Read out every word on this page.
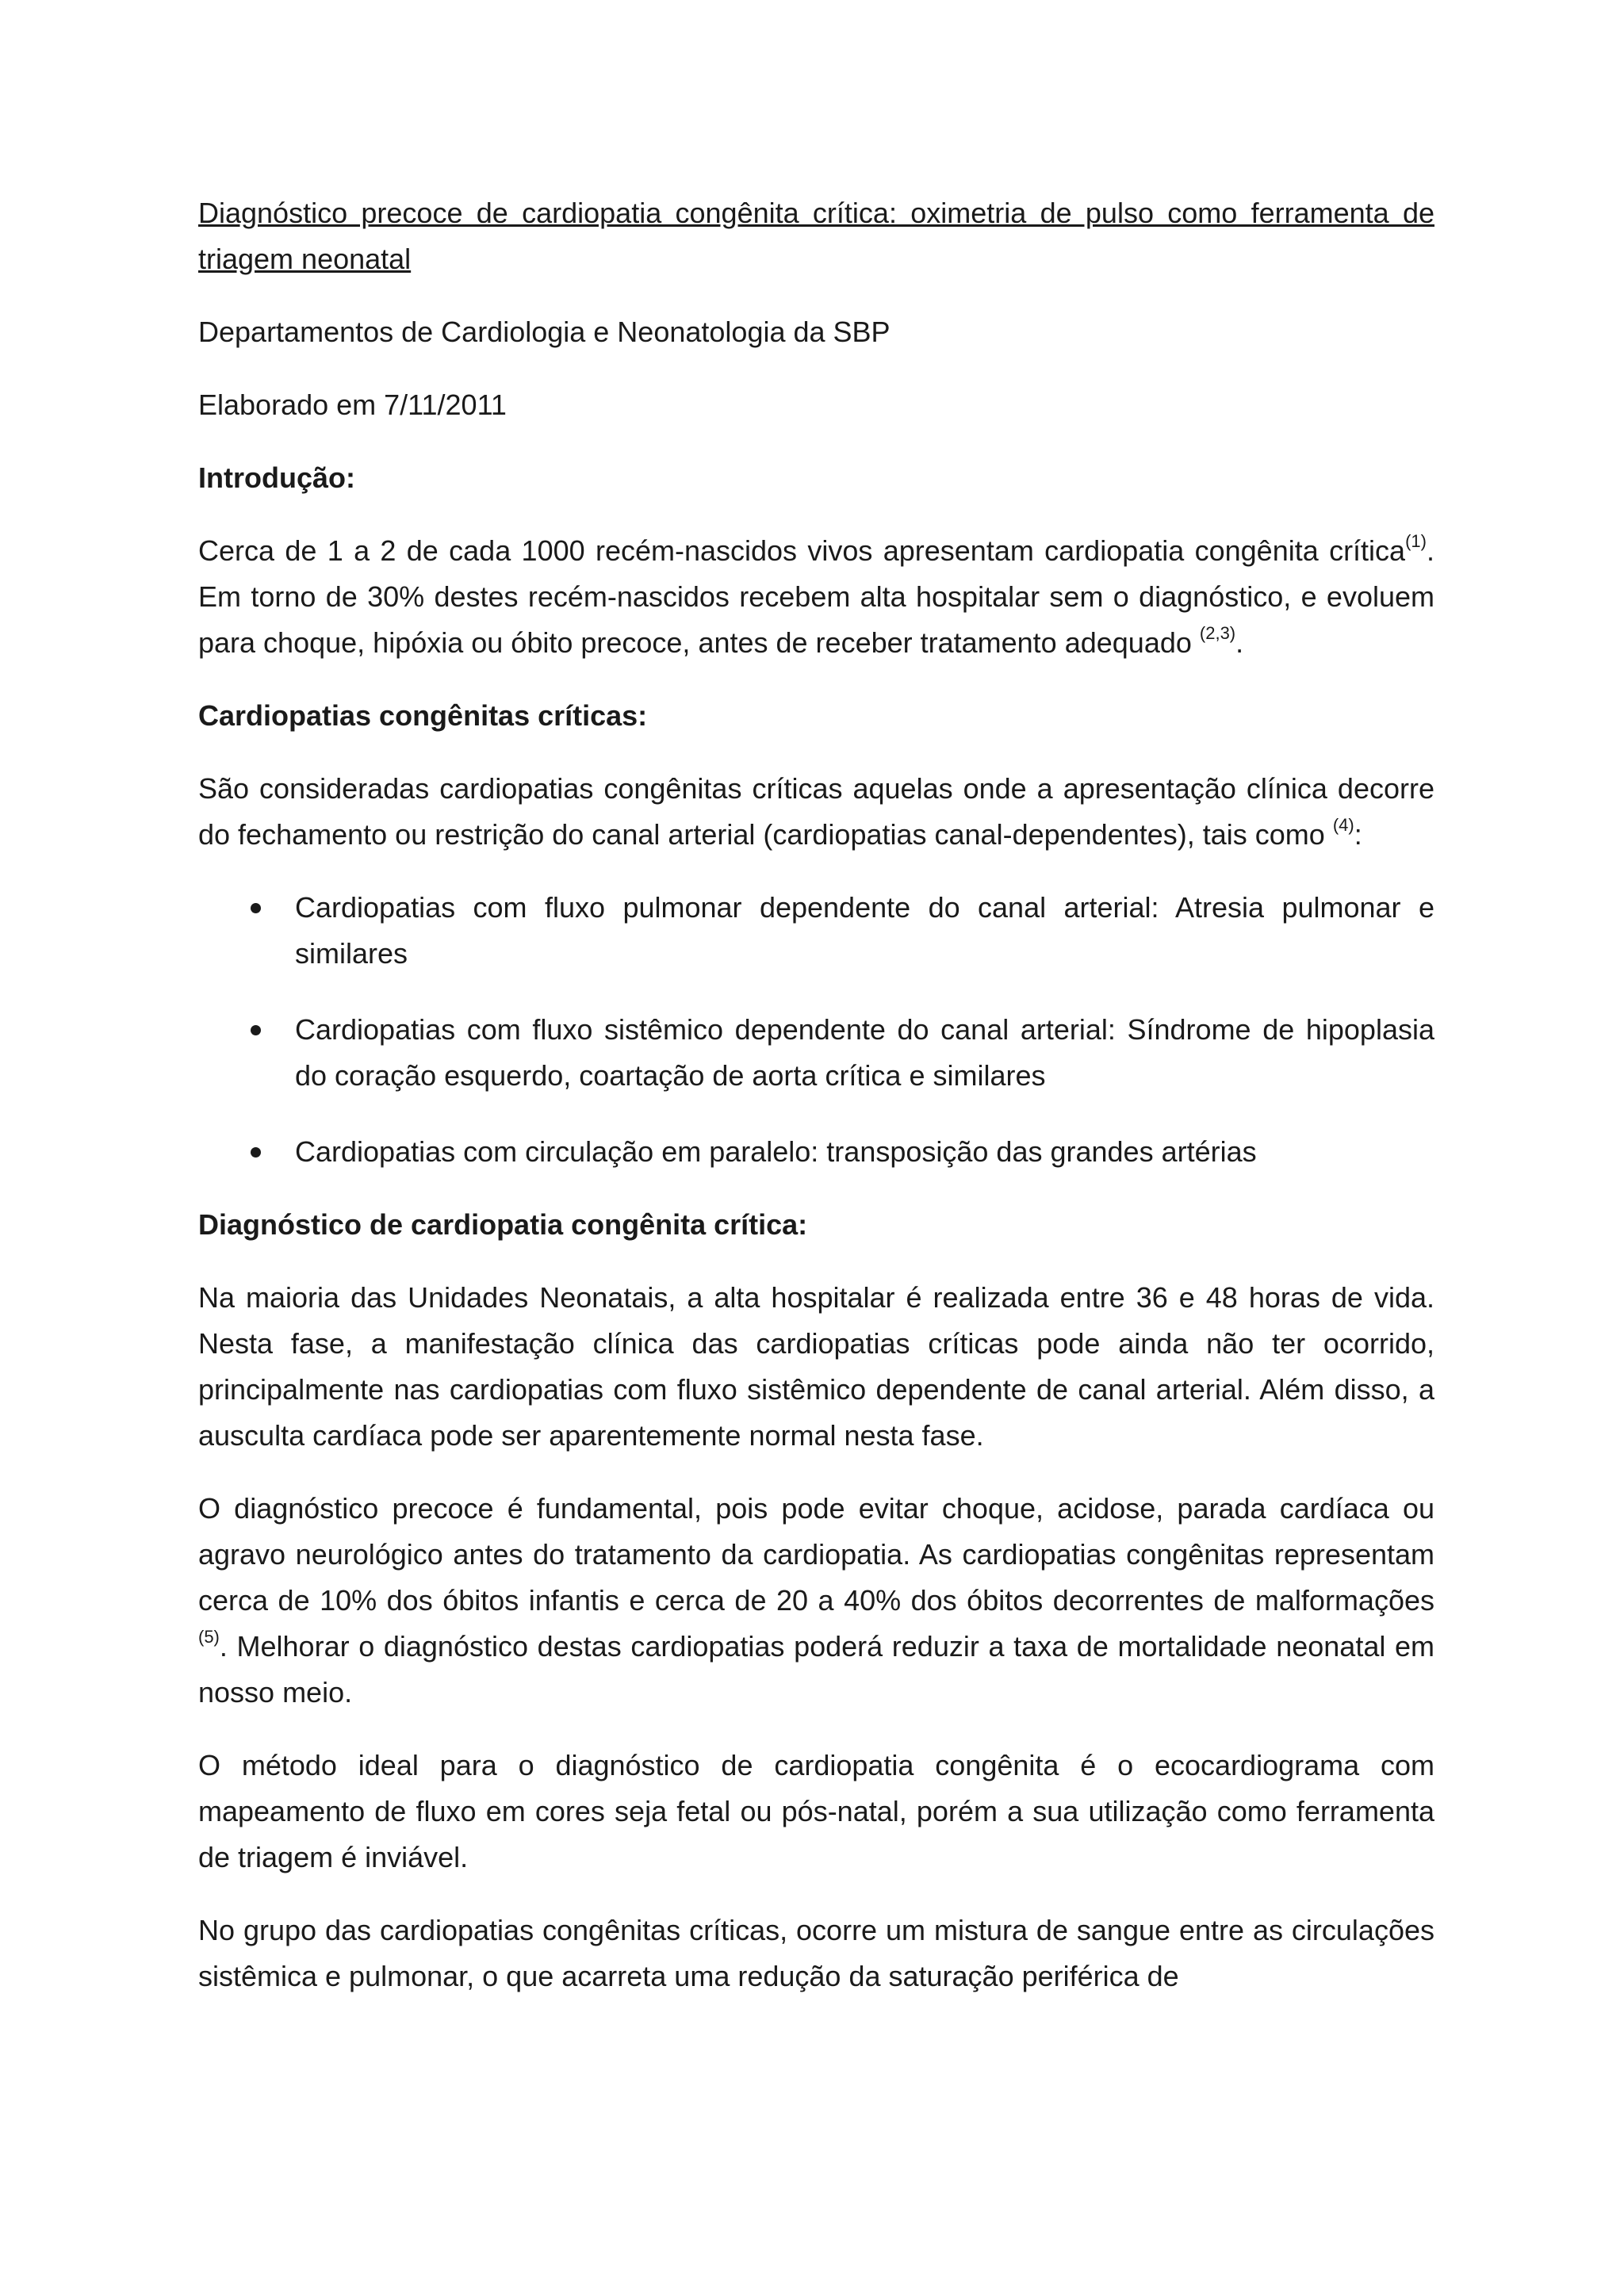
Diagnóstico precoce de cardiopatia congênita crítica: oximetria de pulso como ferramenta de triagem neonatal

Departamentos de Cardiologia e Neonatologia da SBP

Elaborado em 7/11/2011

Introdução:

Cerca de 1 a 2 de cada 1000 recém-nascidos vivos apresentam cardiopatia congênita crítica$^{(1)}$. Em torno de 30% destes recém-nascidos recebem alta hospitalar sem o diagnóstico, e evoluem para choque, hipóxia ou óbito precoce, antes de receber tratamento adequado $^{(2,3)}$.

Cardiopatias congênitas críticas:

São consideradas cardiopatias congênitas críticas aquelas onde a apresentação clínica decorre do fechamento ou restrição do canal arterial (cardiopatias canal-dependentes), tais como $^{(4)}$:

Cardiopatias com fluxo pulmonar dependente do canal arterial: Atresia pulmonar e similares

Cardiopatias com fluxo sistêmico dependente do canal arterial: Síndrome de hipoplasia do coração esquerdo, coartação de aorta crítica e similares

Cardiopatias com circulação em paralelo: transposição das grandes artérias

Diagnóstico de cardiopatia congênita crítica:

Na maioria das Unidades Neonatais, a alta hospitalar é realizada entre 36 e 48 horas de vida. Nesta fase, a manifestação clínica das cardiopatias críticas pode ainda não ter ocorrido, principalmente nas cardiopatias com fluxo sistêmico dependente de canal arterial. Além disso, a ausculta cardíaca pode ser aparentemente normal nesta fase.

O diagnóstico precoce é fundamental, pois pode evitar choque, acidose, parada cardíaca ou agravo neurológico antes do tratamento da cardiopatia. As cardiopatias congênitas representam cerca de 10% dos óbitos infantis e cerca de 20 a 40% dos óbitos decorrentes de malformações $^{(5)}$. Melhorar o diagnóstico destas cardiopatias poderá reduzir a taxa de mortalidade neonatal em nosso meio.

O método ideal para o diagnóstico de cardiopatia congênita é o ecocardiograma com mapeamento de fluxo em cores seja fetal ou pós-natal, porém a sua utilização como ferramenta de triagem é inviável.

No grupo das cardiopatias congênitas críticas, ocorre um mistura de sangue entre as circulações sistêmica e pulmonar, o que acarreta uma redução da saturação periférica de
